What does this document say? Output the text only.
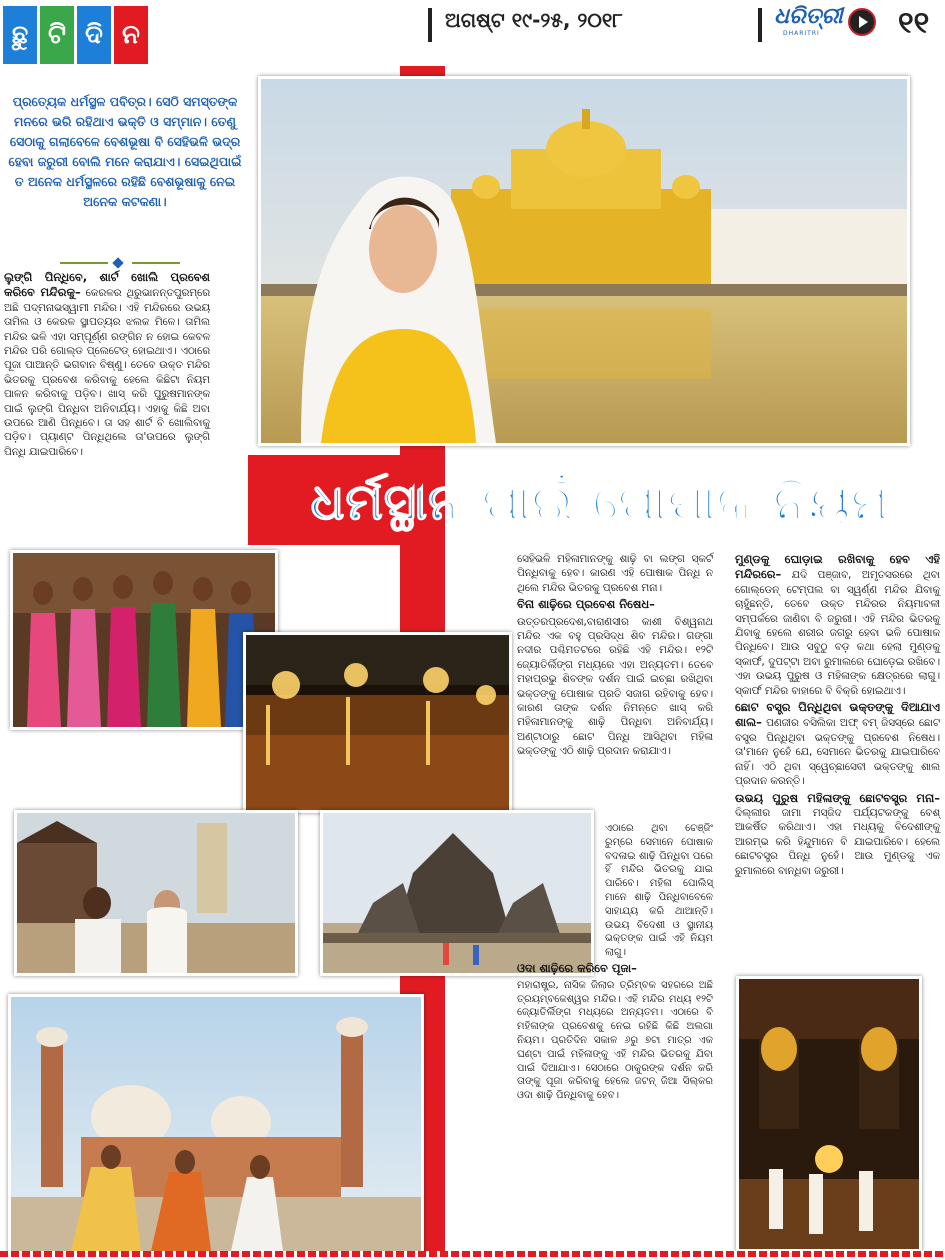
ଛୁ ଟି ଦି ନ	ଅଗଷ୍ଟ ୧୯-୨୫, ୨୦୧୮	ଧରିତ୍ରୀ
DHARITRI	୧୧
ପ୍ରତ୍ୟେକ ଧର୍ମସ୍ଥଳ ପବିତ୍ର। ସେଠି ସମସ୍ତଙ୍କ ମନରେ ଭରି ରହିଥାଏ ଭକ୍ତି ଓ ସମ୍ମାନ। ତେଣୁ ସେଠାକୁ ଗଲାବେଳେ ବେଶଭୂଷା ବି ସେହିଭଳି ଭଦ୍ର ହେବା ଜରୁରୀ ବୋଲି ମନେ କରାଯାଏ। ସେଇଥିପାଇଁ ତ ଅନେକ ଧର୍ମସ୍ଥଳରେ ରହିଛି ବେଶଭୂଷାକୁ ନେଇ ଅନେକ କଟକଣା।
ଲୁଙ୍ଗି ପିନ୍ଧିବେ, ଶାର୍ଟ ଖୋଲି ପ୍ରବେଶ କରିବେ ମନ୍ଦିରକୁ– କେରଳର ଥିରୁଭାନନ୍ତପୁରମ୍‌ରେ ଅଛି ପଦ୍ମନାଭସ୍ୱାମୀ ମନ୍ଦିର। ଏହି ମନ୍ଦିରରେ ଉଭୟ ତାମିଲ ଓ କେରଳ ସ୍ଥାପତ୍ୟର ଝଲକ ମିଳେ। ତାମିଲ ମନ୍ଦିର ଭଳି ଏହା ସମ୍ପୂର୍ଣ୍ଣ ରଙ୍ଗିନ ନ ହୋଇ କେବଳ ମନ୍ଦିର ପରି ଗୋଲ୍ଡ ପ୍ଲେଟେଡ୍ ହୋଇଥାଏ। ଏଠାରେ ପୂଜା ପାଆନ୍ତି ଭଗବାନ ବିଷ୍ଣୁ। ତେବେ ଉକ୍ତ ମନ୍ଦିର ଭିତରକୁ ପ୍ରବେଶ କରିବାକୁ ହେଲେ କିଛିଟା ନିୟମ ପାଳନ କରିବାକୁ ପଡ଼ିବ। ଖାସ୍ କରି ପୁରୁଷମାନଙ୍କ ପାଇଁ ଲୁଙ୍ଗି ପିନ୍ଧିବା ଅନିବାର୍ଯ୍ୟ। ଏହାକୁ କିଛି ଅବା ଉପରେ ଆଣି ପିନ୍ଧିବେ। ତା ସହ ଶାର୍ଟ ବି ଖୋଲିବାକୁ ପଡ଼ିବ। ପ୍ୟାଣ୍ଟ ପିନ୍ଧିଥିଲେ ତା'ଉପରେ ଲୁଙ୍ଗି ପିନ୍ଧି ଯାଇପାରିବେ।
ଧର୍ମସ୍ଥାନ ପାଇଁ ପୋଷାକ ନିୟମ

ସେହିଭଳି ମହିଳାମାନଙ୍କୁ ଶାଢ଼ି ବା ଲଙ୍ଗ ସ୍କର୍ଟ ପିନ୍ଧିବାକୁ ହେବ। କାରଣ ଏହି ପୋଷାକ ପିନ୍ଧି ନ ଥିଲେ ମନ୍ଦିର ଭିତରକୁ ପ୍ରବେଶ ମନା।

ବିନା ଶାଢ଼ିରେ ପ୍ରବେଶ ନିଷେଧ–

ଉତ୍ତରପ୍ରଦେଶ,ବାରାଣସୀର କାଶୀ ବିଶ୍ୱନାଥ ମନ୍ଦିର ଏକ ବହୁ ପ୍ରସିଦ୍ଧ ଶିବ ମନ୍ଦିର। ଗଙ୍ଗା ନଦୀର ପଶ୍ଚିମତଟରେ ରହିଛି ଏହି ମନ୍ଦିର। ୧୨ଟି ଜ୍ୟୋତିର୍ଲିଙ୍ଗ ମଧ୍ୟରେ ଏହା ଅନ୍ୟତମ। ତେବେ ମହାପ୍ରଭୁ ଶିବଙ୍କ ଦର୍ଶନ ପାଇଁ ଇଚ୍ଛା ରଖିଥିବା ଭକ୍ତଙ୍କୁ ପୋଷାକ ପ୍ରତି ସଜାଗ ରହିବାକୁ ହେବ। କାରଣ ତାଙ୍କ ଦର୍ଶନ ନିମନ୍ତେ ଖାସ୍ କରି ମହିଳାମାନଙ୍କୁ ଶାଢ଼ି ପିନ୍ଧିବା ଅନିବାର୍ଯ୍ୟ। ଅଣ୍ଟାଠାରୁ ଛୋଟ ପିନ୍ଧି ଆସିଥିବା ମହିଳା ଭକ୍ତଙ୍କୁ ଏଠି ଶାଢ଼ି ପ୍ରଦାନ କରାଯାଏ।

ଏଠାରେ ଥିବା ଚେଞ୍ଜିଂ ରୁମ୍‌ରେ ସେମାନେ ପୋଷାକ ବଦଳାଇ ଶାଢ଼ି ପିନ୍ଧିବା ପରେ ହିଁ ମନ୍ଦିର ଭିତରକୁ ଯାଇ ପାରିବେ। ମହିଳା ପୋଲିସ୍ ମାନେ ଶାଢ଼ି ପିନ୍ଧିବାବେଳେ ସାହାଯ୍ୟ କରି ଥାଆନ୍ତି। ଉଭୟ ବିଦେଶୀ ଓ ସ୍ଥାନୀୟ ଭକ୍ତଙ୍କ ପାଇଁ ଏହି ନିୟମ ଲାଗୁ।

ଓଦା ଶାଢ଼ିରେ କରିବେ ପୂଜା–

ମହାରାଷ୍ଟ୍ର, ନାସିକ ଜିଲାର ତ୍ରିମ୍ବକ ସହରରେ ଅଛି ତ୍ରୟମ୍ବକେଶ୍ୱର ମନ୍ଦିର। ଏହି ମନ୍ଦିର ମଧ୍ୟ ୧୨ଟି ଜ୍ୟୋତିର୍ଲିଙ୍ଗ ମଧ୍ୟରେ ଅନ୍ୟତମ। ଏଠାରେ ବି ମହିଳାଙ୍କ ପ୍ରବେଶକୁ ନେଇ ରହିଛି କିଛି ଅଲଗା ନିୟମ। ପ୍ରତିଦିନ ସକାଳ ୬ରୁ ୭ଟା ମାତ୍ର ଏକ ଘଣ୍ଟା ପାଇଁ ମହିଳାଙ୍କୁ ଏହି ମନ୍ଦିର ଭିତରକୁ ଯିବା ପାଇଁ ଦିଆଯାଏ। ସେଠାରେ ଠାକୁରଙ୍କ ଦର୍ଶନ କରି ତାଙ୍କୁ ପୂଜା କରିବାକୁ ହେଲେ ଜଟନ୍ ଜିଆ ସିଲ୍କର ଓଦା ଶାଢ଼ି ପିନ୍ଧିବାକୁ ହେବ।

ମୁଣ୍ଡକୁ ଘୋଡ଼ାଇ ରଖିବାକୁ ହେବ ଏହି ମନ୍ଦିରରେ– ଯଦି ପଞ୍ଜାବ, ଅମୃତସରରେ ଥିବା ଗୋଲ୍ଡେନ୍ ଟେମ୍ପଲ ବା ସ୍ୱର୍ଣ୍ଣ ମନ୍ଦିର ଯିବାକୁ ଚାହୁଁଛନ୍ତି, ତେବେ ଉକ୍ତ ମନ୍ଦିରର ନିୟମାବଳୀ ସମ୍ପର୍କରେ ଜାଣିବା ବି ଜରୁରୀ। ଏହି ମନ୍ଦିର ଭିତରକୁ ଯିବାକୁ ହେଲେ ଶରୀର ଜଗରୁ ହେବା ଭଳି ପୋଷାକ ପିନ୍ଧିବେ। ଆଉ ସବୁଠୁ ବଡ଼ କଥା ହେଲା ମୁଣ୍ଡକୁ ସ୍କାର୍ଫ, ଦୁପଟ୍ଟା ଅବା ରୁମାଲରେ ଘୋଡ଼େଇ ରଖିବେ। ଏହା ଉଭୟ ପୁରୁଷ ଓ ମହିଳାଙ୍କ କ୍ଷେତ୍ରରେ ଲାଗୁ। ସ୍କାର୍ଫ ମନ୍ଦିର ବାହାରେ ବି ବିକ୍ରି ହୋଇଥାଏ।

ଛୋଟ ବସ୍ତ୍ର ପିନ୍ଧିଥିବା ଭକ୍ତଙ୍କୁ ଦିଆଯାଏ ଶାଲ– ପଣଜୀର ବସିଲିକା ଅଫ୍ ବମ୍ ଜିସସ୍‌ରେ ଛୋଟ ବସ୍ତ୍ର ପିନ୍ଧିଥିବା ଭକ୍ତଙ୍କୁ ପ୍ରବେଶ ନିଷେଧ। ତା'ମାନେ ନୁହେଁ ଯେ, ସେମାନେ ଭିତରକୁ ଯାଇପାରିବେ ନାହିଁ। ଏଠି ଥିବା ସ୍ୱେଚ୍ଛାସେବୀ ଭକ୍ତଙ୍କୁ ଶାଲ ପ୍ରଦାନ କରନ୍ତି।

ଉଭୟ ପୁରୁଷ ମହିଳାଙ୍କୁ ଛୋଟବସ୍ତ୍ର ମନା– ଦିଲ୍ଲୀର ଜାମା ମସ୍‌ଜିଦ ପର୍ଯ୍ୟଟକଙ୍କୁ ବେଶ୍ ଆକର୍ଷିତ କରିଥାଏ। ଏହା ମଧ୍ୟକୁ ବିଦେଶୀଙ୍କୁ ଆରମ୍ଭ କରି ହିନ୍ଦୁମାନେ ବି ଯାଇପାରିବେ। ହେଲେ ଛୋଟବସ୍ତ୍ର ପିନ୍ଧି ନୁହେଁ। ଆଉ ମୁଣ୍ଡକୁ ଏକ ରୁମାଲରେ ବାନ୍ଧିବା ଜରୁରୀ।
